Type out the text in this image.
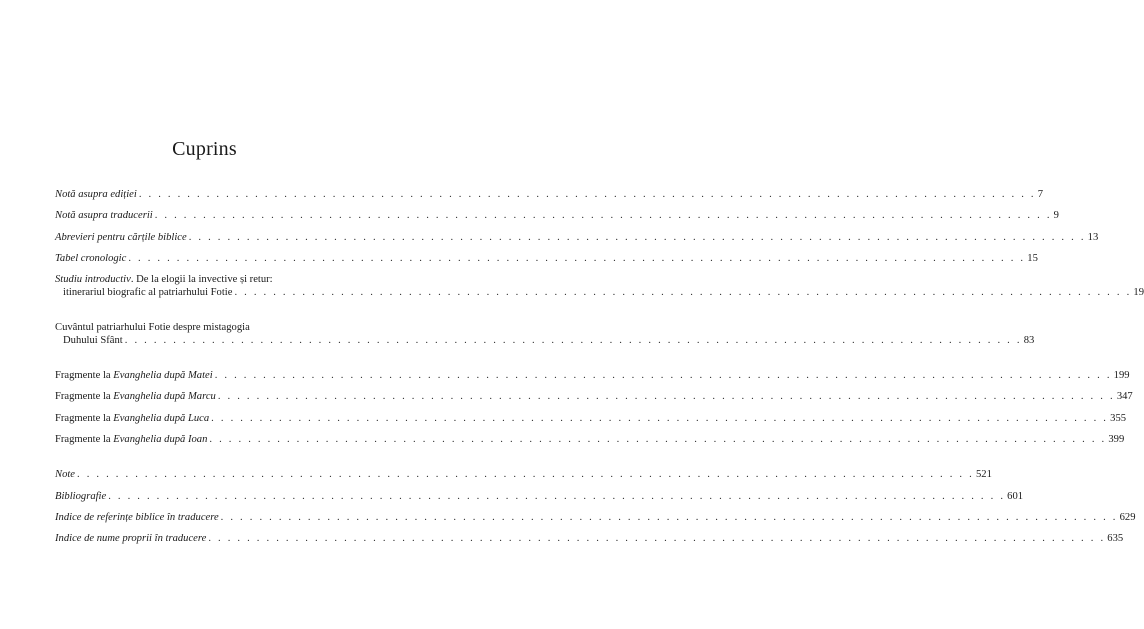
Cuprins
Notă asupra ediției . . .	7
Notă asupra traducerii . . .	9
Abrevieri pentru cărțile biblice . . .	13
Tabel cronologic . . .	15
Studiu introductiv . De la elogii la invective și retur:
itinerariul biografic al patriarhului Fotie . . .	19
Cuvântul patriarhului Fotie despre mistagogia
Duhului Sfânt . . .	83
Fragmente la Evanghelia după Matei . . .	199
Fragmente la Evanghelia după Marcu . . .	347
Fragmente la Evanghelia după Luca . . .	355
Fragmente la Evanghelia după Ioan . . .	399
Note . . .	521
Bibliografie . . .	601
Indice de referințe biblice în traducere . . .	629
Indice de nume proprii în traducere . . .	635
